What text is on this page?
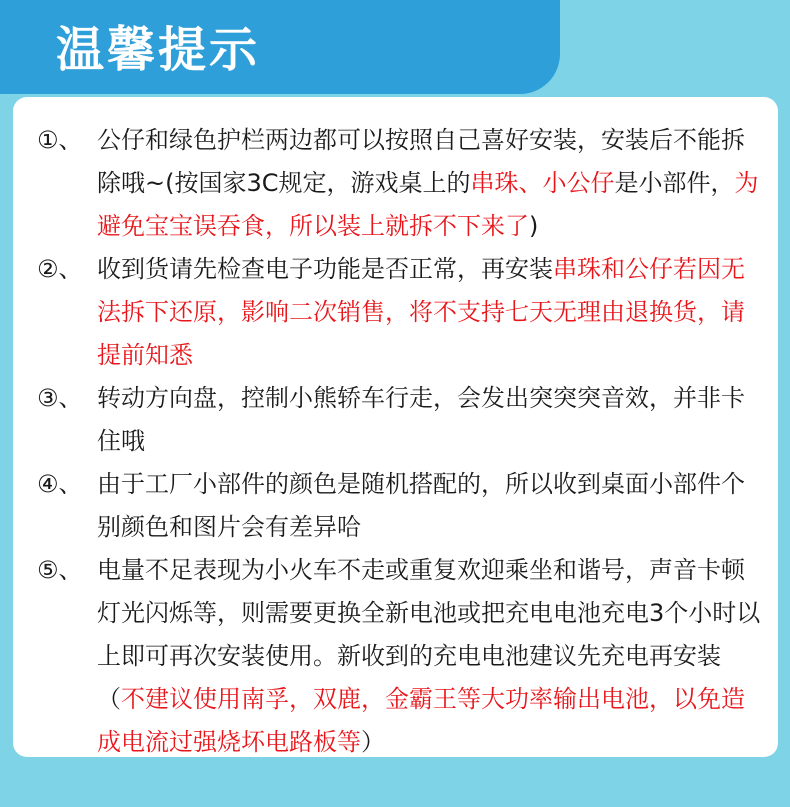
温馨提示
①、 公仔和绿色护栏两边都可以按照自己喜好安装，安装后不能拆除哦~(按国家3C规定，游戏桌上的串珠、小公仔是小部件，为避免宝宝误吞食，所以装上就拆不下来了)
②、 收到货请先检查电子功能是否正常，再安装串珠和公仔若因无法拆下还原，影响二次销售，将不支持七天无理由退换货，请提前知悉
③、 转动方向盘，控制小熊轿车行走，会发出突突突音效，并非卡住哦
④、 由于工厂小部件的颜色是随机搭配的，所以收到桌面小部件个别颜色和图片会有差异哈
⑤、 电量不足表现为小火车不走或重复欢迎乘坐和谐号，声音卡顿灯光闪烁等，则需要更换全新电池或把充电电池充电3个小时以上即可再次安装使用。新收到的充电电池建议先充电再安装（不建议使用南孚，双鹿，金霸王等大功率输出电池，以免造成电流过强烧坏电路板等）
